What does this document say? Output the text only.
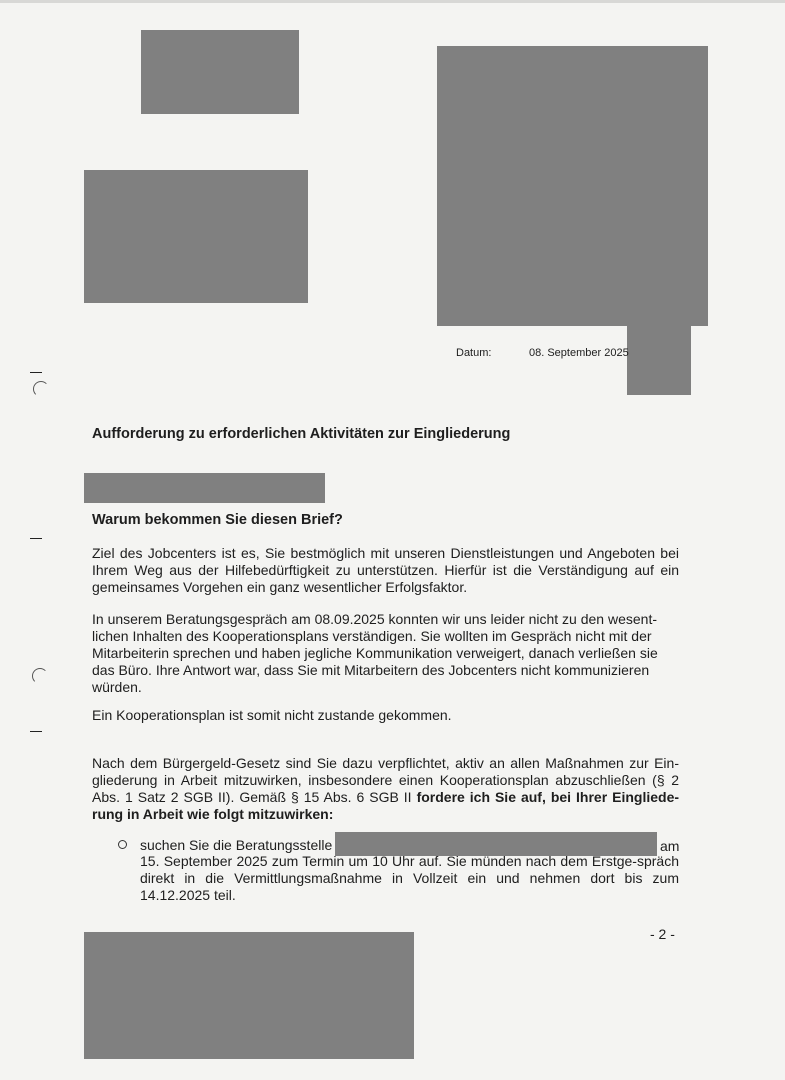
Datum:	08. September 2025
Aufforderung zu erforderlichen Aktivitäten zur Eingliederung
Warum bekommen Sie diesen Brief?
Ziel des Jobcenters ist es, Sie bestmöglich mit unseren Dienstleistungen und Angeboten bei Ihrem Weg aus der Hilfebedürftigkeit zu unterstützen. Hierfür ist die Verständigung auf ein gemeinsames Vorgehen ein ganz wesentlicher Erfolgsfaktor.
In unserem Beratungsgespräch am 08.09.2025 konnten wir uns leider nicht zu den wesent-lichen Inhalten des Kooperationsplans verständigen. Sie wollten im Gespräch nicht mit der Mitarbeiterin sprechen und haben jegliche Kommunikation verweigert, danach verließen sie das Büro. Ihre Antwort war, dass Sie mit Mitarbeitern des Jobcenters nicht kommunizieren würden.
Ein Kooperationsplan ist somit nicht zustande gekommen.
Nach dem Bürgergeld-Gesetz sind Sie dazu verpflichtet, aktiv an allen Maßnahmen zur Ein-gliederung in Arbeit mitzuwirken, insbesondere einen Kooperationsplan abzuschließen (§ 2 Abs. 1 Satz 2 SGB II). Gemäß § 15 Abs. 6 SGB II fordere ich Sie auf, bei Ihrer Eingliede-rung in Arbeit wie folgt mitzuwirken:
suchen Sie die Beratungsstelle	am
15. September 2025 zum Termin um 10 Uhr auf. Sie münden nach dem Erstge-spräch direkt in die Vermittlungsmaßnahme in Vollzeit ein und nehmen dort bis zum 14.12.2025 teil.
- 2 -
